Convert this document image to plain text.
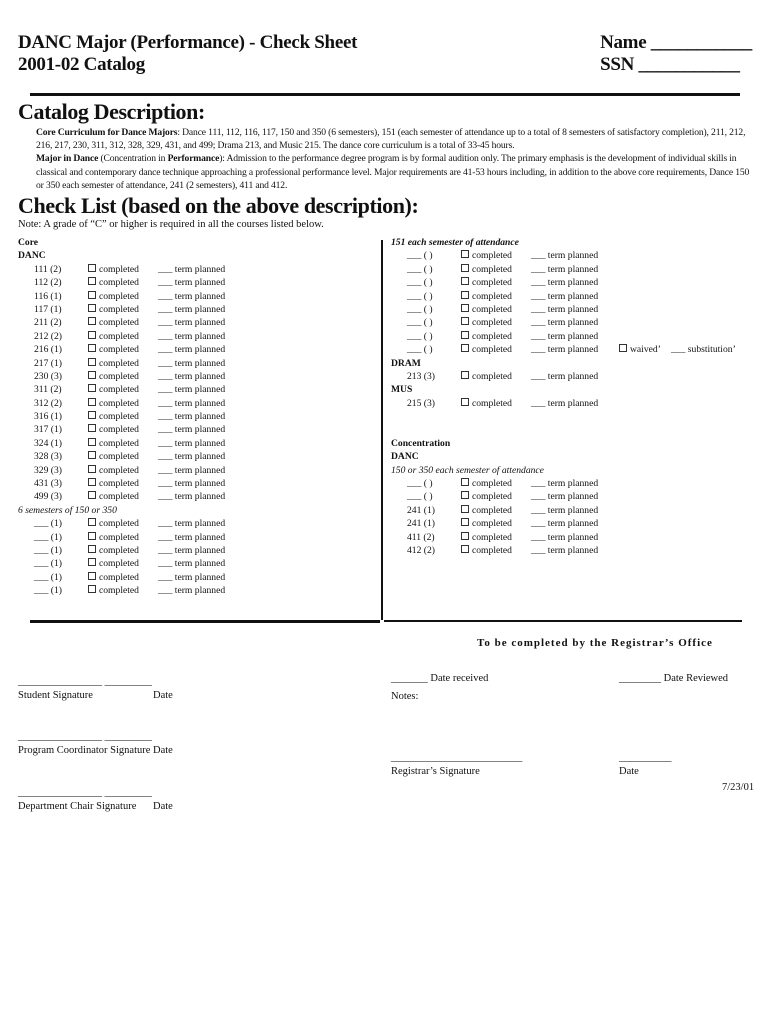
DANC Major (Performance) - Check Sheet
2001-02 Catalog
Name ___________
SSN ___________
Catalog Description:
Core Curriculum for Dance Majors: Dance 111, 112, 116, 117, 150 and 350 (6 semesters), 151 (each semester of attendance up to a total of 8 semesters of satisfactory completion), 211, 212, 216, 217, 230, 311, 312, 328, 329, 431, and 499; Drama 213, and Music 215. The dance core curriculum is a total of 33-45 hours.
Major in Dance (Concentration in Performance): Admission to the performance degree program is by formal audition only. The primary emphasis is the development of individual skills in classical and contemporary dance technique approaching a professional performance level. Major requirements are 41-53 hours including, in addition to the above core requirements, Dance 150 or 350 each semester of attendance, 241 (2 semesters), 411 and 412.
Check List (based on the above description):
Note: A grade of “C” or higher is required in all the courses listed below.
Core
DANC
111 (2)	completed ___ term planned
112 (2)	completed ___ term planned
116 (1)	completed ___ term planned
117 (1)	completed ___ term planned
211 (2)	completed ___ term planned
212 (2)	completed ___ term planned
216 (1)	completed ___ term planned
217 (1)	completed ___ term planned
230 (3)	completed ___ term planned
311 (2)	completed ___ term planned
312 (2)	completed ___ term planned
316 (1)	completed ___ term planned
317 (1)	completed ___ term planned
324 (1)	completed ___ term planned
328 (3)	completed ___ term planned
329 (3)	completed ___ term planned
431 (3)	completed ___ term planned
499 (3)	completed ___ term planned
6 semesters of 150 or 350
___ (1)	completed ___ term planned
___ (1)	completed ___ term planned
___ (1)	completed ___ term planned
___ (1)	completed ___ term planned
___ (1)	completed ___ term planned
___ (1)	completed ___ term planned
151 each semester of attendance
___ ( )	completed ___ term planned
___ ( )	completed ___ term planned
___ ( )	completed ___ term planned
___ ( )	completed ___ term planned
___ ( )	completed ___ term planned
___ ( )	completed ___ term planned
___ ( )	completed ___ term planned
___ ( )	completed ___ term planned	waived’ ___ substitution’
DRAM
213 (3)	completed ___ term planned
MUS
215 (3)	completed ___ term planned
Concentration
DANC
150 or 350 each semester of attendance
___ ( )	completed ___ term planned
___ ( )	completed ___ term planned
241 (1)	completed ___ term planned
241 (1)	completed ___ term planned
411 (2)	completed ___ term planned
412 (2)	completed ___ term planned
________________ _________
Student Signature	Date
________________ _________
Program Coordinator Signature Date
________________ _________
Department Chair Signature Date
To be completed by the Registrar’s Office
_______ Date received	________ Date Reviewed
Notes:
_________________________	__________
Registrar’s Signature	Date
7/23/01
